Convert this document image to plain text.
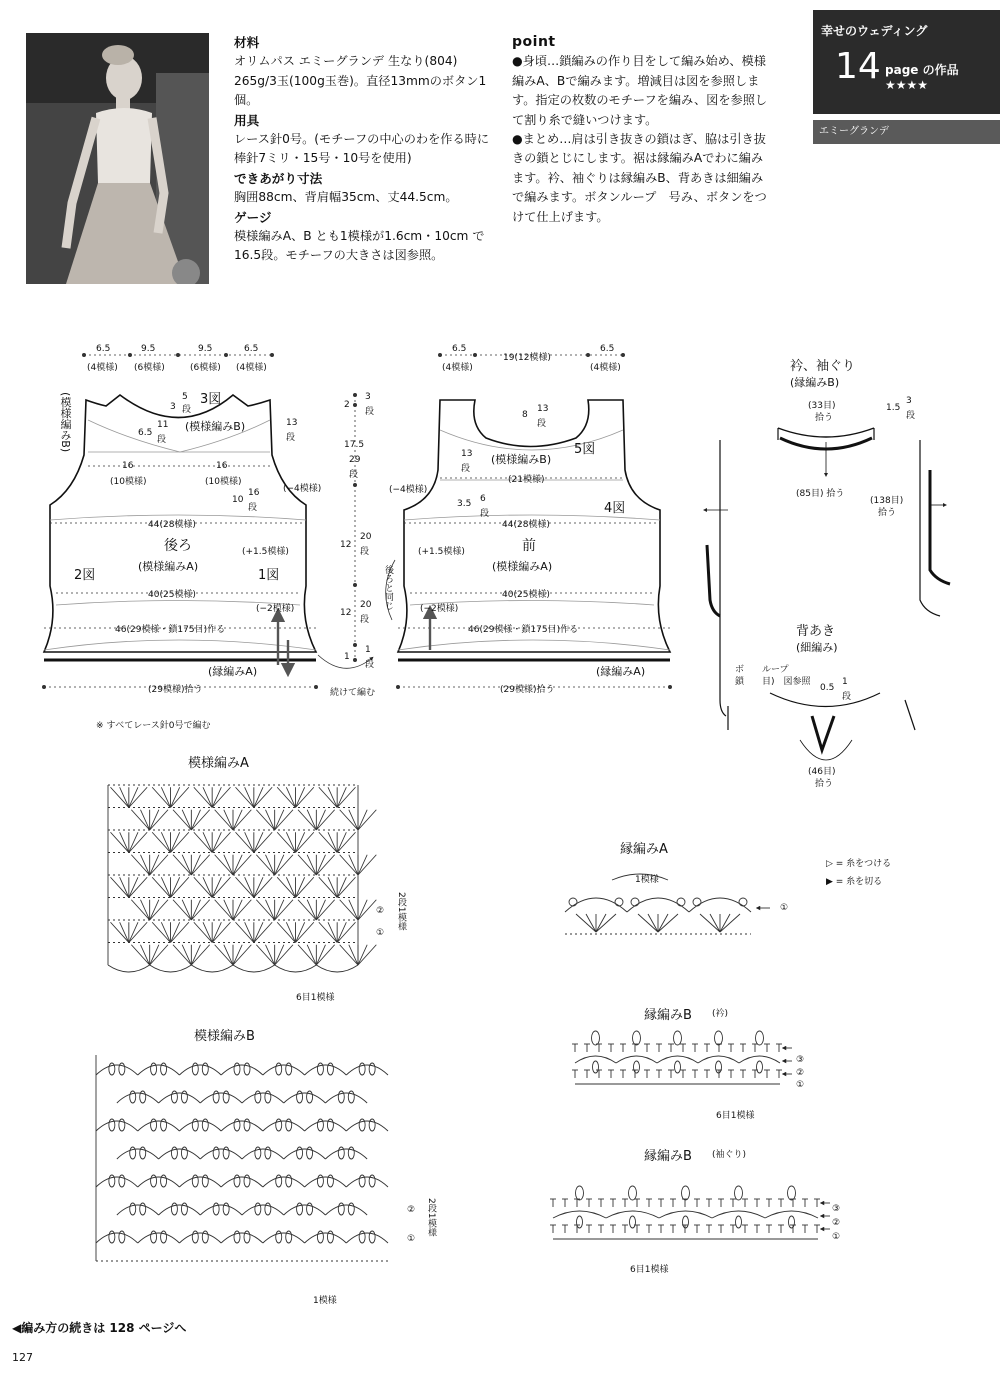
材料
オリムパス エミーグランデ 生なり(804) 265g/3玉(100g玉巻)。直径13mmのボタン1個。
用具
レース針0号。(モチーフの中心のわを作る時に棒針7ミリ・15号・10号を使用)
できあがり寸法
胸囲88cm、背肩幅35cm、丈44.5cm。
ゲージ
模様編みA、B とも1模様が1.6cm・10cm で16.5段。モチーフの大きさは図参照。
point
●身頃…鎖編みの作り目をして編み始め、模様編みA、Bで編みます。増減目は図を参照します。指定の枚数のモチーフを編み、図を参照して割り糸で縫いつけます。
●まとめ…肩は引き抜きの鎖はぎ、脇は引き抜きの鎖とじにします。裾は縁編みAでわに編みます。衿、袖ぐりは縁編みB、背あきは細編みで編みます。ボタンループ　号み、ボタンをつけて仕上げます。
幸せのウェディング
14 page の作品 ★★★★
エミーグランデ
6.5
(4模様)
9.5
(6模様)
9.5
(6模様)
6.5
(4模様)
(模様編みB)	3図
5
段
3
6.5
11
段
(模様編みB)	13
段
16
(10模様)
16
(10模様)
10
16
段
(−4模様)
44(28模様)
後ろ
(模様編みA)
(+1.5模様)
2図	1図
40(25模様)
(−2模様)
46(29模様・鎖175目)作る
(縁編みA)
(29模様)拾う
2
3
段
17.5
29
段
12
20
段
12
20
段
1
1
段
後ろと同じ
続けて編む
6.5
(4模様)
19(12模様)
6.5
(4模様)
8
13
段
5図
13
段
(模様編みB)
(21模様)
(−4模様)
3.5 6
段	4図
44(28模様)
(+1.5模様)	前
(模様編みA)
40(25模様)
(−2模様)
46(29模様・鎖175目)作る
(縁編みA)
(29模様)拾う
※ すべてレース針0号で編む
衿、袖ぐり
(縁編みB)
(33目)
拾う
1.5
3
段
(85目) 拾う
(138目)
拾う
背あき
(細編み)
ボ　　ループ
鎖　　目)　図参照
0.5
1
段
(46目)
拾う
模様編みA
6目1模様
2段1模様
②
①
模様編みB
1模様
2段1模様
②
①
縁編みA
1模様
①
▷ = 糸をつける
▶ = 糸を切る
縁編みB (衿)
6目1模様
③
②
①
縁編みB (袖ぐり)
6目1模様
③
②
①
◀編み方の続きは 128 ページへ
127
